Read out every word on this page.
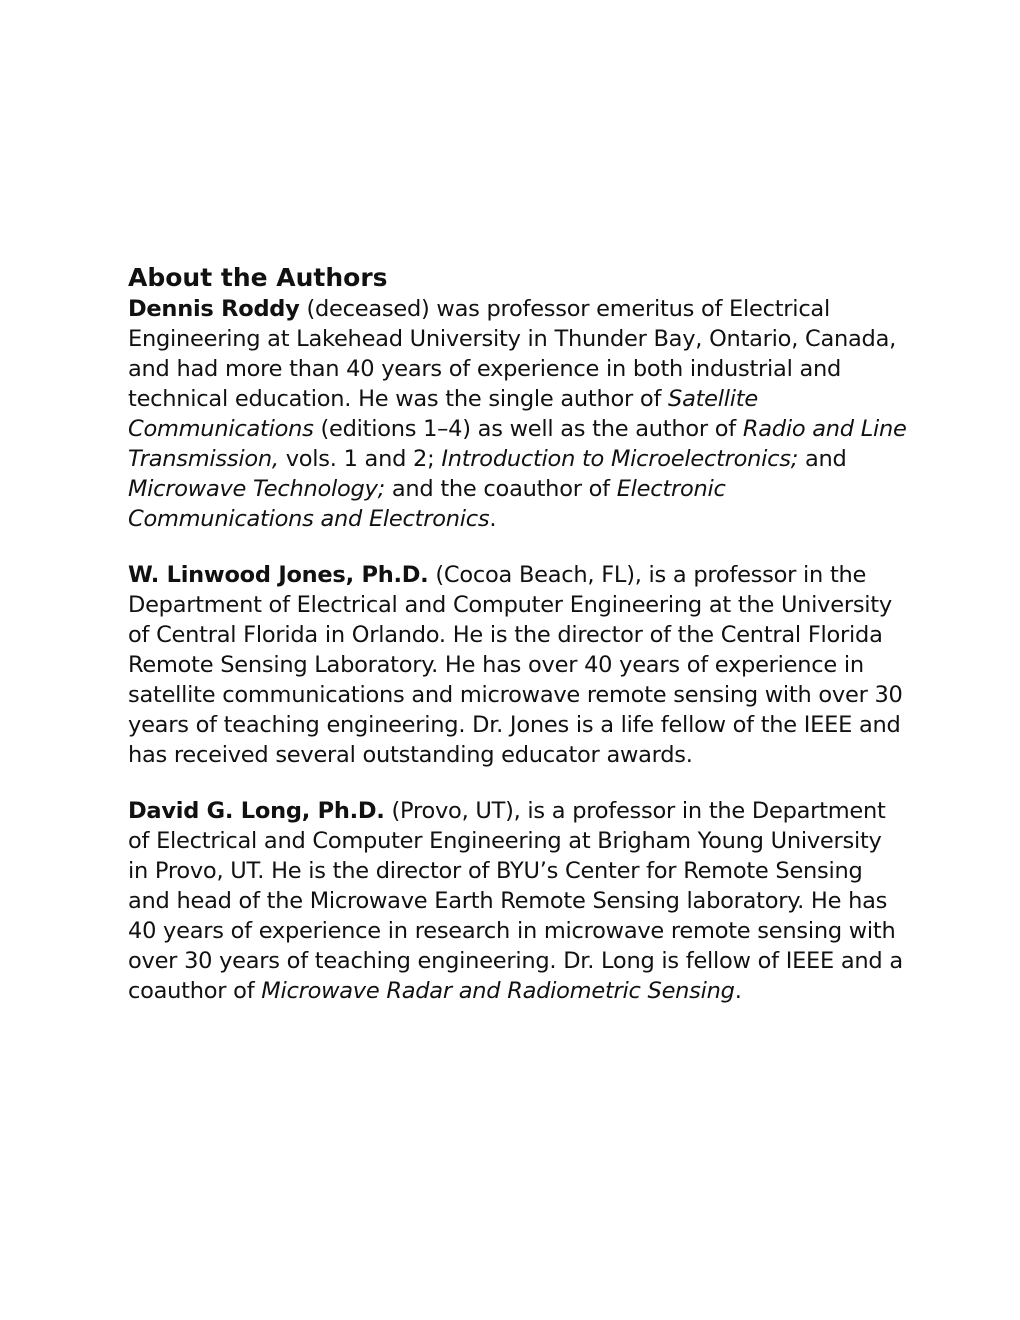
About the Authors

Dennis Roddy (deceased) was professor emeritus of Electrical Engineering at Lakehead University in Thunder Bay, Ontario, Canada, and had more than 40 years of experience in both industrial and technical education. He was the single author of Satellite Communications (editions 1–4) as well as the author of Radio and Line Transmission, vols. 1 and 2; Introduction to Microelectronics; and Microwave Technology; and the coauthor of Electronic Communications and Electronics.

W. Linwood Jones, Ph.D. (Cocoa Beach, FL), is a professor in the Department of Electrical and Computer Engineering at the University of Central Florida in Orlando. He is the director of the Central Florida Remote Sensing Laboratory. He has over 40 years of experience in satellite communications and microwave remote sensing with over 30 years of teaching engineering. Dr. Jones is a life fellow of the IEEE and has received several outstanding educator awards.

David G. Long, Ph.D. (Provo, UT), is a professor in the Department of Electrical and Computer Engineering at Brigham Young University in Provo, UT. He is the director of BYU’s Center for Remote Sensing and head of the Microwave Earth Remote Sensing laboratory. He has 40 years of experience in research in microwave remote sensing with over 30 years of teaching engineering. Dr. Long is fellow of IEEE and a coauthor of Microwave Radar and Radiometric Sensing.
